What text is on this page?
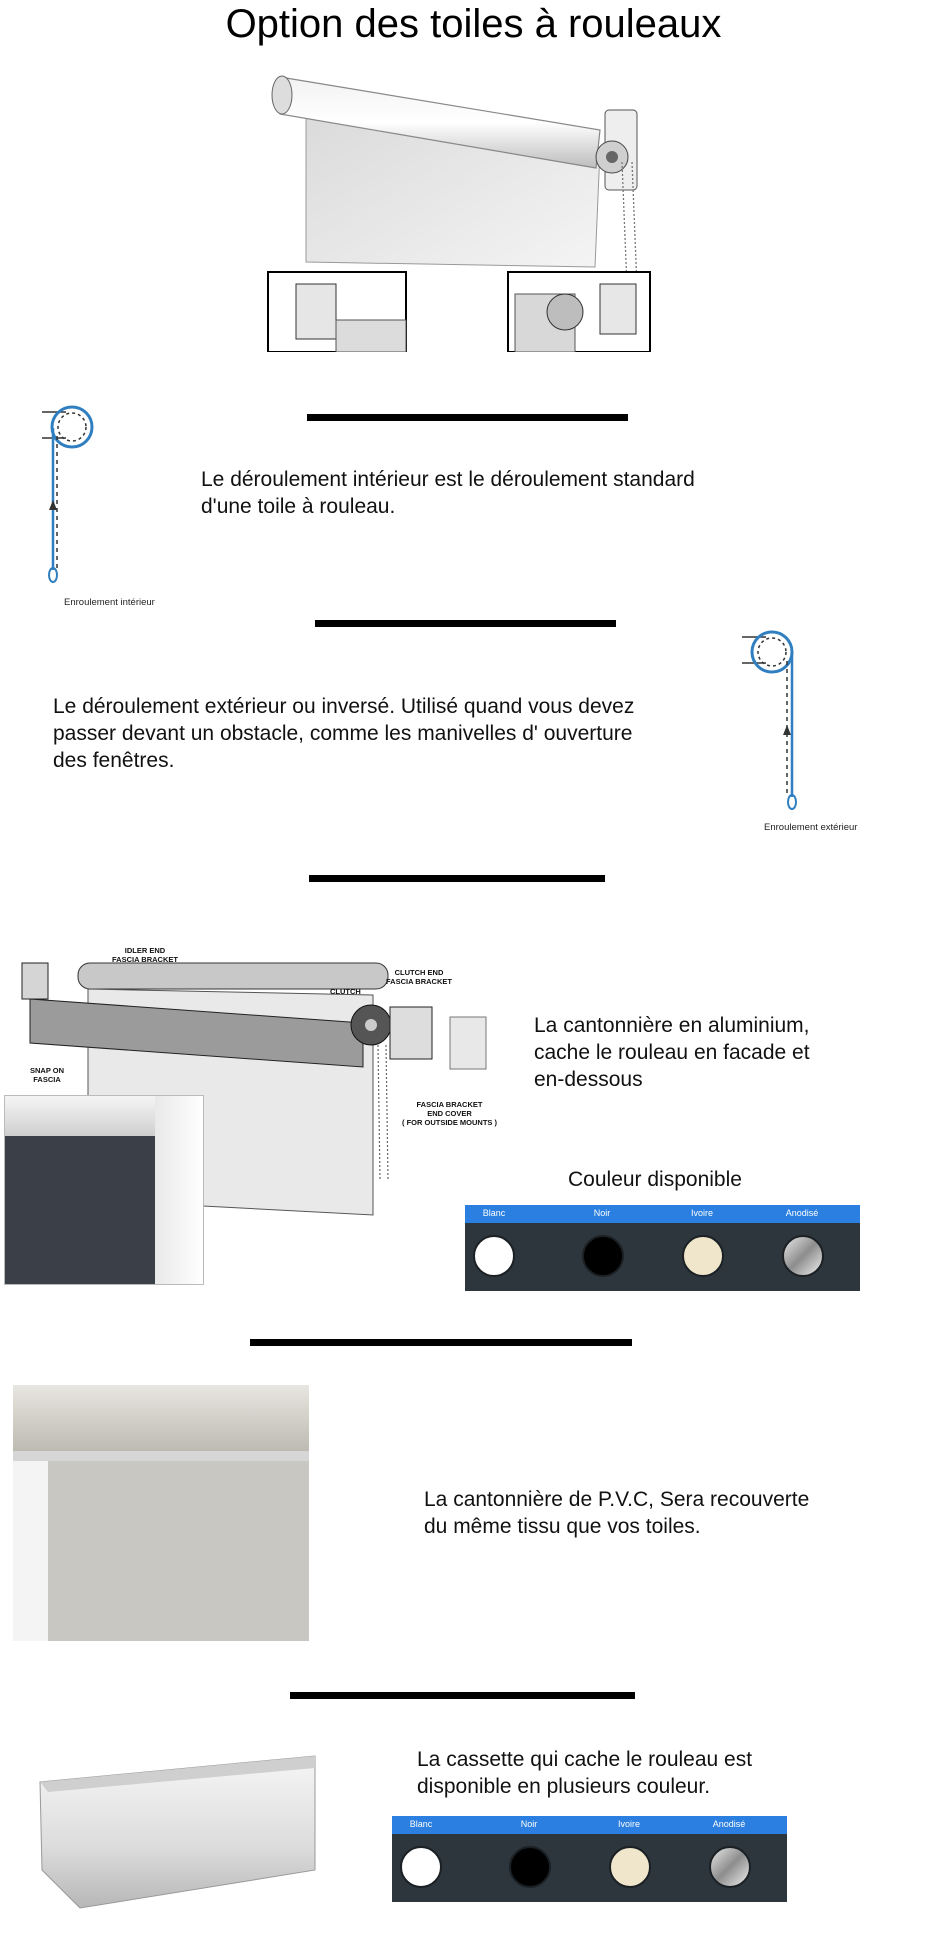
Option des toiles à rouleaux
Enroulement intérieur
Le déroulement intérieur est le déroulement standard
d'une toile à rouleau.
Le déroulement extérieur ou inversé. Utilisé quand vous devez
passer devant un obstacle, comme les manivelles d' ouverture
des fenêtres.
Enroulement extérieur
IDLER END
FASCIA BRACKET
CLUTCH END
FASCIA BRACKET
CLUTCH
SNAP ON
FASCIA
FASCIA BRACKET
END COVER
( FOR OUTSIDE MOUNTS )
La cantonnière en aluminium,
cache le rouleau en facade et
en-dessous
Couleur disponible
Blanc	Noir	Ivoire	Anodisé
La cantonnière de P.V.C, Sera recouverte
du même tissu que vos toiles.
La cassette qui cache le rouleau est
disponible en plusieurs couleur.
Blanc	Noir	Ivoire	Anodisé
